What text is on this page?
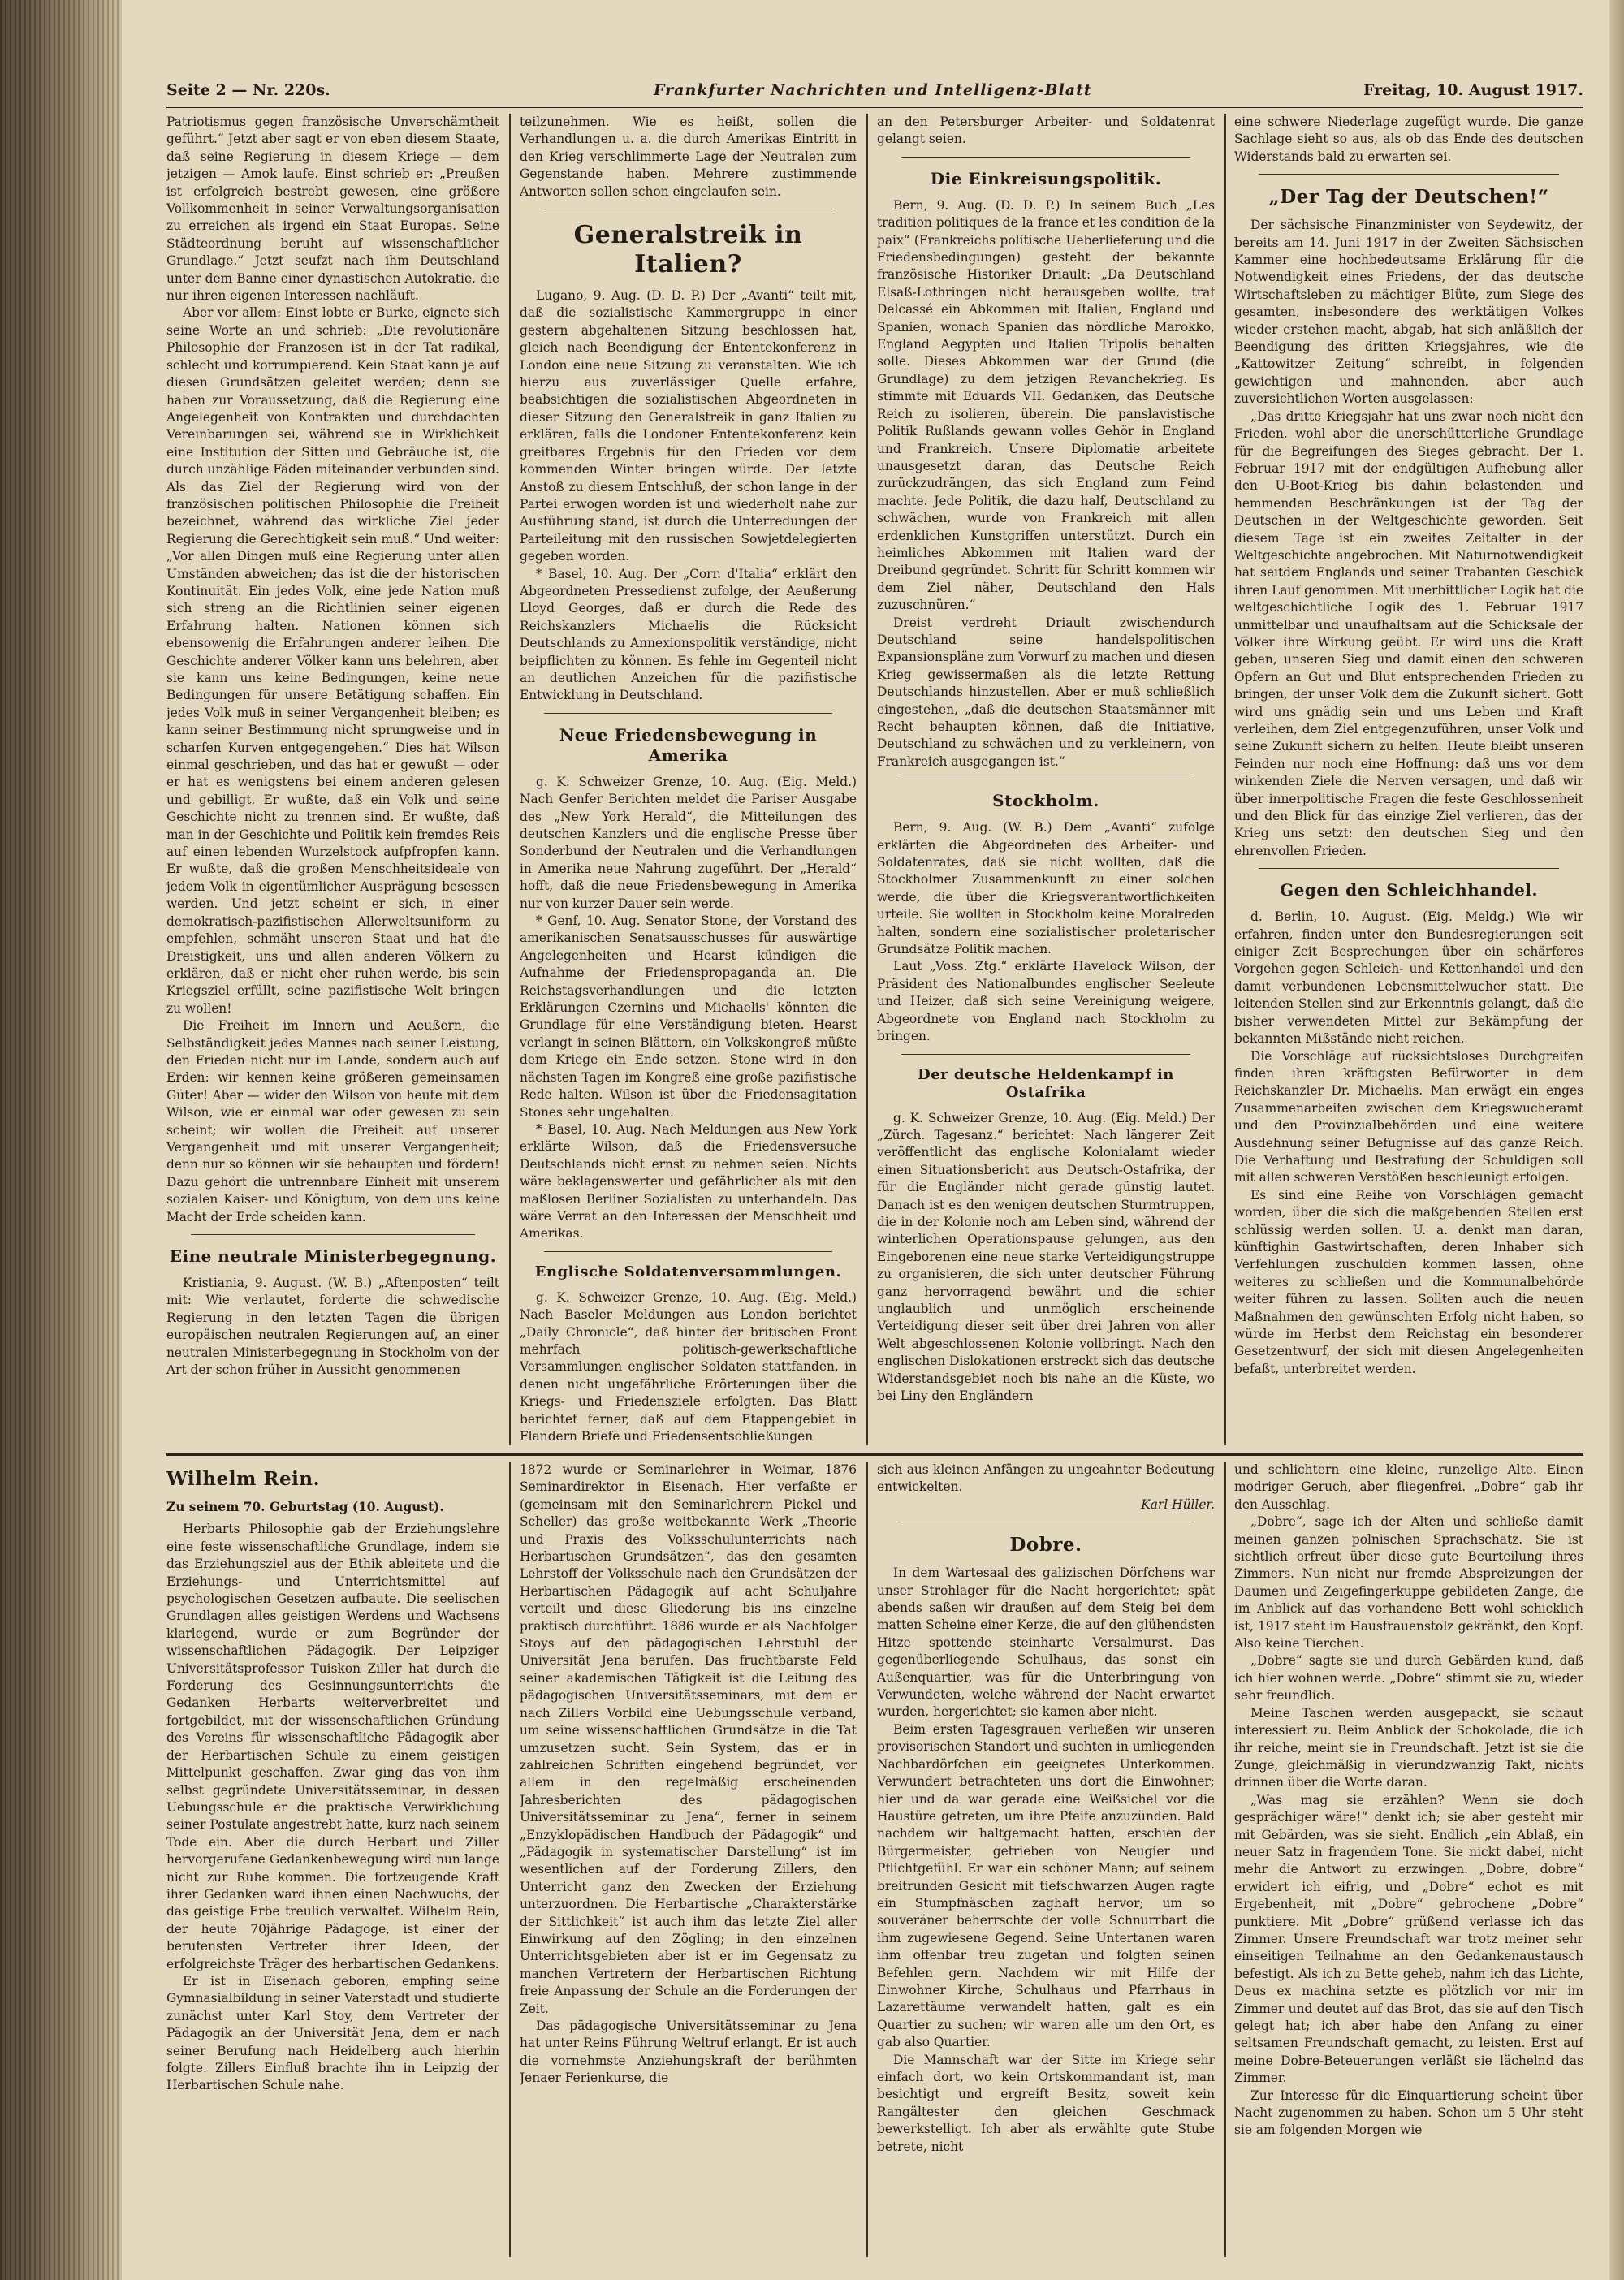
Seite 2 — Nr. 220s.	Frankfurter Nachrichten und Intelligenz-Blatt	Freitag, 10. August 1917.

Patriotismus gegen französische Unverschämtheit geführt.“ Jetzt aber sagt er von eben diesem Staate, daß seine Regierung in diesem Kriege — dem jetzigen — Amok laufe. Einst schrieb er: „Preußen ist erfolgreich bestrebt gewesen, eine größere Vollkommenheit in seiner Verwaltungsorganisation zu erreichen als irgend ein Staat Europas. Seine Städteordnung beruht auf wissenschaftlicher Grundlage.“ Jetzt seufzt nach ihm Deutschland unter dem Banne einer dynastischen Autokratie, die nur ihren eigenen Interessen nachläuft.

Aber vor allem: Einst lobte er Burke, eignete sich seine Worte an und schrieb: „Die revolutionäre Philosophie der Franzosen ist in der Tat radikal, schlecht und korrumpierend. Kein Staat kann je auf diesen Grundsätzen geleitet werden; denn sie haben zur Voraussetzung, daß die Regierung eine Angelegenheit von Kontrakten und durchdachten Vereinbarungen sei, während sie in Wirklichkeit eine Institution der Sitten und Gebräuche ist, die durch unzählige Fäden miteinander verbunden sind. Als das Ziel der Regierung wird von der französischen politischen Philosophie die Freiheit bezeichnet, während das wirkliche Ziel jeder Regierung die Gerechtigkeit sein muß.“ Und weiter: „Vor allen Dingen muß eine Regierung unter allen Umständen abweichen; das ist die der historischen Kontinuität. Ein jedes Volk, eine jede Nation muß sich streng an die Richtlinien seiner eigenen Erfahrung halten. Nationen können sich ebensowenig die Erfahrungen anderer leihen. Die Geschichte anderer Völker kann uns belehren, aber sie kann uns keine Bedingungen, keine neue Bedingungen für unsere Betätigung schaffen. Ein jedes Volk muß in seiner Vergangenheit bleiben; es kann seiner Bestimmung nicht sprungweise und in scharfen Kurven entgegengehen.“ Dies hat Wilson einmal geschrieben, und das hat er gewußt — oder er hat es wenigstens bei einem anderen gelesen und gebilligt. Er wußte, daß ein Volk und seine Geschichte nicht zu trennen sind. Er wußte, daß man in der Geschichte und Politik kein fremdes Reis auf einen lebenden Wurzelstock aufpfropfen kann. Er wußte, daß die großen Menschheitsideale von jedem Volk in eigentümlicher Ausprägung besessen werden. Und jetzt scheint er sich, in einer demokratisch-pazifistischen Allerweltsuniform zu empfehlen, schmäht unseren Staat und hat die Dreistigkeit, uns und allen anderen Völkern zu erklären, daß er nicht eher ruhen werde, bis sein Kriegsziel erfüllt, seine pazifistische Welt bringen zu wollen!

Die Freiheit im Innern und Aeußern, die Selbständigkeit jedes Mannes nach seiner Leistung, den Frieden nicht nur im Lande, sondern auch auf Erden: wir kennen keine größeren gemeinsamen Güter! Aber — wider den Wilson von heute mit dem Wilson, wie er einmal war oder gewesen zu sein scheint; wir wollen die Freiheit auf unserer Vergangenheit und mit unserer Vergangenheit; denn nur so können wir sie behaupten und fördern! Dazu gehört die untrennbare Einheit mit unserem sozialen Kaiser- und Königtum, von dem uns keine Macht der Erde scheiden kann.

Eine neutrale Ministerbegegnung.

Kristiania, 9. August. (W. B.) „Aftenposten“ teilt mit: Wie verlautet, forderte die schwedische Regierung in den letzten Tagen die übrigen europäischen neutralen Regierungen auf, an einer neutralen Ministerbegegnung in Stockholm von der Art der schon früher in Aussicht genommenen

teilzunehmen. Wie es heißt, sollen die Verhandlungen u. a. die durch Amerikas Eintritt in den Krieg verschlimmerte Lage der Neutralen zum Gegenstande haben. Mehrere zustimmende Antworten sollen schon eingelaufen sein.

Generalstreik in Italien?

Lugano, 9. Aug. (D. D. P.) Der „Avanti“ teilt mit, daß die sozialistische Kammergruppe in einer gestern abgehaltenen Sitzung beschlossen hat, gleich nach Beendigung der Ententekonferenz in London eine neue Sitzung zu veranstalten. Wie ich hierzu aus zuverlässiger Quelle erfahre, beabsichtigen die sozialistischen Abgeordneten in dieser Sitzung den Generalstreik in ganz Italien zu erklären, falls die Londoner Ententekonferenz kein greifbares Ergebnis für den Frieden vor dem kommenden Winter bringen würde. Der letzte Anstoß zu diesem Entschluß, der schon lange in der Partei erwogen worden ist und wiederholt nahe zur Ausführung stand, ist durch die Unterredungen der Parteileitung mit den russischen Sowjetdelegierten gegeben worden.

* Basel, 10. Aug. Der „Corr. d'Italia“ erklärt den Abgeordneten Pressedienst zufolge, der Aeußerung Lloyd Georges, daß er durch die Rede des Reichskanzlers Michaelis die Rücksicht Deutschlands zu Annexionspolitik verständige, nicht beipflichten zu können. Es fehle im Gegenteil nicht an deutlichen Anzeichen für die pazifistische Entwicklung in Deutschland.

Neue Friedensbewegung in Amerika

g. K. Schweizer Grenze, 10. Aug. (Eig. Meld.) Nach Genfer Berichten meldet die Pariser Ausgabe des „New York Herald“, die Mitteilungen des deutschen Kanzlers und die englische Presse über Sonderbund der Neutralen und die Verhandlungen in Amerika neue Nahrung zugeführt. Der „Herald“ hofft, daß die neue Friedensbewegung in Amerika nur von kurzer Dauer sein werde.

* Genf, 10. Aug. Senator Stone, der Vorstand des amerikanischen Senatsausschusses für auswärtige Angelegenheiten und Hearst kündigen die Aufnahme der Friedenspropaganda an. Die Reichstagsverhandlungen und die letzten Erklärungen Czernins und Michaelis' könnten die Grundlage für eine Verständigung bieten. Hearst verlangt in seinen Blättern, ein Volkskongreß müßte dem Kriege ein Ende setzen. Stone wird in den nächsten Tagen im Kongreß eine große pazifistische Rede halten. Wilson ist über die Friedensagitation Stones sehr ungehalten.

* Basel, 10. Aug. Nach Meldungen aus New York erklärte Wilson, daß die Friedensversuche Deutschlands nicht ernst zu nehmen seien. Nichts wäre beklagenswerter und gefährlicher als mit den maßlosen Berliner Sozialisten zu unterhandeln. Das wäre Verrat an den Interessen der Menschheit und Amerikas.

Englische Soldatenversammlungen.

g. K. Schweizer Grenze, 10. Aug. (Eig. Meld.) Nach Baseler Meldungen aus London berichtet „Daily Chronicle“, daß hinter der britischen Front mehrfach politisch-gewerkschaftliche Versammlungen englischer Soldaten stattfanden, in denen nicht ungefährliche Erörterungen über die Kriegs- und Friedensziele erfolgten. Das Blatt berichtet ferner, daß auf dem Etappengebiet in Flandern Briefe und Friedensentschließungen

an den Petersburger Arbeiter- und Soldatenrat gelangt seien.

Die Einkreisungspolitik.

Bern, 9. Aug. (D. D. P.) In seinem Buch „Les tradition politiques de la france et les condition de la paix“ (Frankreichs politische Ueberlieferung und die Friedensbedingungen) gesteht der bekannte französische Historiker Driault: „Da Deutschland Elsaß-Lothringen nicht herausgeben wollte, traf Delcassé ein Abkommen mit Italien, England und Spanien, wonach Spanien das nördliche Marokko, England Aegypten und Italien Tripolis behalten solle. Dieses Abkommen war der Grund (die Grundlage) zu dem jetzigen Revanchekrieg. Es stimmte mit Eduards VII. Gedanken, das Deutsche Reich zu isolieren, überein. Die panslavistische Politik Rußlands gewann volles Gehör in England und Frankreich. Unsere Diplomatie arbeitete unausgesetzt daran, das Deutsche Reich zurückzudrängen, das sich England zum Feind machte. Jede Politik, die dazu half, Deutschland zu schwächen, wurde von Frankreich mit allen erdenklichen Kunstgriffen unterstützt. Durch ein heimliches Abkommen mit Italien ward der Dreibund gegründet. Schritt für Schritt kommen wir dem Ziel näher, Deutschland den Hals zuzuschnüren.“

Dreist verdreht Driault zwischendurch Deutschland seine handelspolitischen Expansionspläne zum Vorwurf zu machen und diesen Krieg gewissermaßen als die letzte Rettung Deutschlands hinzustellen. Aber er muß schließlich eingestehen, „daß die deutschen Staatsmänner mit Recht behaupten können, daß die Initiative, Deutschland zu schwächen und zu verkleinern, von Frankreich ausgegangen ist.“

Stockholm.

Bern, 9. Aug. (W. B.) Dem „Avanti“ zufolge erklärten die Abgeordneten des Arbeiter- und Soldatenrates, daß sie nicht wollten, daß die Stockholmer Zusammenkunft zu einer solchen werde, die über die Kriegsverantwortlichkeiten urteile. Sie wollten in Stockholm keine Moralreden halten, sondern eine sozialistischer proletarischer Grundsätze Politik machen.

Laut „Voss. Ztg.“ erklärte Havelock Wilson, der Präsident des Nationalbundes englischer Seeleute und Heizer, daß sich seine Vereinigung weigere, Abgeordnete von England nach Stockholm zu bringen.

Der deutsche Heldenkampf in Ostafrika

g. K. Schweizer Grenze, 10. Aug. (Eig. Meld.) Der „Zürch. Tagesanz.“ berichtet: Nach längerer Zeit veröffentlicht das englische Kolonialamt wieder einen Situationsbericht aus Deutsch-Ostafrika, der für die Engländer nicht gerade günstig lautet. Danach ist es den wenigen deutschen Sturmtruppen, die in der Kolonie noch am Leben sind, während der winterlichen Operationspause gelungen, aus den Eingeborenen eine neue starke Verteidigungstruppe zu organisieren, die sich unter deutscher Führung ganz hervorragend bewährt und die schier unglaublich und unmöglich erscheinende Verteidigung dieser seit über drei Jahren von aller Welt abgeschlossenen Kolonie vollbringt. Nach den englischen Dislokationen erstreckt sich das deutsche Widerstandsgebiet noch bis nahe an die Küste, wo bei Liny den Engländern

eine schwere Niederlage zugefügt wurde. Die ganze Sachlage sieht so aus, als ob das Ende des deutschen Widerstands bald zu erwarten sei.

„Der Tag der Deutschen!“

Der sächsische Finanzminister von Seydewitz, der bereits am 14. Juni 1917 in der Zweiten Sächsischen Kammer eine hochbedeutsame Erklärung für die Notwendigkeit eines Friedens, der das deutsche Wirtschaftsleben zu mächtiger Blüte, zum Siege des gesamten, insbesondere des werktätigen Volkes wieder erstehen macht, abgab, hat sich anläßlich der Beendigung des dritten Kriegsjahres, wie die „Kattowitzer Zeitung“ schreibt, in folgenden gewichtigen und mahnenden, aber auch zuversichtlichen Worten ausgelassen:

„Das dritte Kriegsjahr hat uns zwar noch nicht den Frieden, wohl aber die unerschütterliche Grundlage für die Begreifungen des Sieges gebracht. Der 1. Februar 1917 mit der endgültigen Aufhebung aller den U-Boot-Krieg bis dahin belastenden und hemmenden Beschränkungen ist der Tag der Deutschen in der Weltgeschichte geworden. Seit diesem Tage ist ein zweites Zeitalter in der Weltgeschichte angebrochen. Mit Naturnotwendigkeit hat seitdem Englands und seiner Trabanten Geschick ihren Lauf genommen. Mit unerbittlicher Logik hat die weltgeschichtliche Logik des 1. Februar 1917 unmittelbar und unaufhaltsam auf die Schicksale der Völker ihre Wirkung geübt. Er wird uns die Kraft geben, unseren Sieg und damit einen den schweren Opfern an Gut und Blut entsprechenden Frieden zu bringen, der unser Volk dem die Zukunft sichert. Gott wird uns gnädig sein und uns Leben und Kraft verleihen, dem Ziel entgegenzuführen, unser Volk und seine Zukunft sichern zu helfen. Heute bleibt unseren Feinden nur noch eine Hoffnung: daß uns vor dem winkenden Ziele die Nerven versagen, und daß wir über innerpolitische Fragen die feste Geschlossenheit und den Blick für das einzige Ziel verlieren, das der Krieg uns setzt: den deutschen Sieg und den ehrenvollen Frieden.

Gegen den Schleichhandel.

d. Berlin, 10. August. (Eig. Meldg.) Wie wir erfahren, finden unter den Bundesregierungen seit einiger Zeit Besprechungen über ein schärferes Vorgehen gegen Schleich- und Kettenhandel und den damit verbundenen Lebensmittelwucher statt. Die leitenden Stellen sind zur Erkenntnis gelangt, daß die bisher verwendeten Mittel zur Bekämpfung der bekannten Mißstände nicht reichen.

Die Vorschläge auf rücksichtsloses Durchgreifen finden ihren kräftigsten Befürworter in dem Reichskanzler Dr. Michaelis. Man erwägt ein enges Zusammenarbeiten zwischen dem Kriegswucheramt und den Provinzialbehörden und eine weitere Ausdehnung seiner Befugnisse auf das ganze Reich. Die Verhaftung und Bestrafung der Schuldigen soll mit allen schweren Verstößen beschleunigt erfolgen.

Es sind eine Reihe von Vorschlägen gemacht worden, über die sich die maßgebenden Stellen erst schlüssig werden sollen. U. a. denkt man daran, künftighin Gastwirtschaften, deren Inhaber sich Verfehlungen zuschulden kommen lassen, ohne weiteres zu schließen und die Kommunalbehörde weiter führen zu lassen. Sollten auch die neuen Maßnahmen den gewünschten Erfolg nicht haben, so würde im Herbst dem Reichstag ein besonderer Gesetzentwurf, der sich mit diesen Angelegenheiten befaßt, unterbreitet werden.

Wilhelm Rein.

Zu seinem 70. Geburtstag (10. August).

Herbarts Philosophie gab der Erziehungslehre eine feste wissenschaftliche Grundlage, indem sie das Erziehungsziel aus der Ethik ableitete und die Erziehungs- und Unterrichtsmittel auf psychologischen Gesetzen aufbaute. Die seelischen Grundlagen alles geistigen Werdens und Wachsens klarlegend, wurde er zum Begründer der wissenschaftlichen Pädagogik. Der Leipziger Universitätsprofessor Tuiskon Ziller hat durch die Forderung des Gesinnungsunterrichts die Gedanken Herbarts weiterverbreitet und fortgebildet, mit der wissenschaftlichen Gründung des Vereins für wissenschaftliche Pädagogik aber der Herbartischen Schule zu einem geistigen Mittelpunkt geschaffen. Zwar ging das von ihm selbst gegründete Universitätsseminar, in dessen Uebungsschule er die praktische Verwirklichung seiner Postulate angestrebt hatte, kurz nach seinem Tode ein. Aber die durch Herbart und Ziller hervorgerufene Gedankenbewegung wird nun lange nicht zur Ruhe kommen. Die fortzeugende Kraft ihrer Gedanken ward ihnen einen Nachwuchs, der das geistige Erbe treulich verwaltet. Wilhelm Rein, der heute 70jährige Pädagoge, ist einer der berufensten Vertreter ihrer Ideen, der erfolgreichste Träger des herbartischen Gedankens.

Er ist in Eisenach geboren, empfing seine Gymnasialbildung in seiner Vaterstadt und studierte zunächst unter Karl Stoy, dem Vertreter der Pädagogik an der Universität Jena, dem er nach seiner Berufung nach Heidelberg auch hierhin folgte. Zillers Einfluß brachte ihn in Leipzig der Herbartischen Schule nahe.

1872 wurde er Seminarlehrer in Weimar, 1876 Seminardirektor in Eisenach. Hier verfaßte er (gemeinsam mit den Seminarlehrern Pickel und Scheller) das große weitbekannte Werk „Theorie und Praxis des Volksschulunterrichts nach Herbartischen Grundsätzen“, das den gesamten Lehrstoff der Volksschule nach den Grundsätzen der Herbartischen Pädagogik auf acht Schuljahre verteilt und diese Gliederung bis ins einzelne praktisch durchführt. 1886 wurde er als Nachfolger Stoys auf den pädagogischen Lehrstuhl der Universität Jena berufen. Das fruchtbarste Feld seiner akademischen Tätigkeit ist die Leitung des pädagogischen Universitätsseminars, mit dem er nach Zillers Vorbild eine Uebungsschule verband, um seine wissenschaftlichen Grundsätze in die Tat umzusetzen sucht. Sein System, das er in zahlreichen Schriften eingehend begründet, vor allem in den regelmäßig erscheinenden Jahresberichten des pädagogischen Universitätsseminar zu Jena“, ferner in seinem „Enzyklopädischen Handbuch der Pädagogik“ und „Pädagogik in systematischer Darstellung“ ist im wesentlichen auf der Forderung Zillers, den Unterricht ganz den Zwecken der Erziehung unterzuordnen. Die Herbartische „Charakterstärke der Sittlichkeit“ ist auch ihm das letzte Ziel aller Einwirkung auf den Zögling; in den einzelnen Unterrichtsgebieten aber ist er im Gegensatz zu manchen Vertretern der Herbartischen Richtung freie Anpassung der Schule an die Forderungen der Zeit.

Das pädagogische Universitätsseminar zu Jena hat unter Reins Führung Weltruf erlangt. Er ist auch die vornehmste Anziehungskraft der berühmten Jenaer Ferienkurse, die

sich aus kleinen Anfängen zu ungeahnter Bedeutung entwickelten.

Karl Hüller.

Dobre.

In dem Wartesaal des galizischen Dörfchens war unser Strohlager für die Nacht hergerichtet; spät abends saßen wir draußen auf dem Steig bei dem matten Scheine einer Kerze, die auf den glühendsten Hitze spottende steinharte Versalmurst. Das gegenüberliegende Schulhaus, das sonst ein Außenquartier, was für die Unterbringung von Verwundeten, welche während der Nacht erwartet wurden, hergerichtet; sie kamen aber nicht.

Beim ersten Tagesgrauen verließen wir unseren provisorischen Standort und suchten in umliegenden Nachbardörfchen ein geeignetes Unterkommen. Verwundert betrachteten uns dort die Einwohner; hier und da war gerade eine Weißsichel vor die Haustüre getreten, um ihre Pfeife anzuzünden. Bald nachdem wir haltgemacht hatten, erschien der Bürgermeister, getrieben von Neugier und Pflichtgefühl. Er war ein schöner Mann; auf seinem breitrunden Gesicht mit tiefschwarzen Augen ragte ein Stumpfnäschen zaghaft hervor; um so souveräner beherrschte der volle Schnurrbart die ihm zugewiesene Gegend. Seine Untertanen waren ihm offenbar treu zugetan und folgten seinen Befehlen gern. Nachdem wir mit Hilfe der Einwohner Kirche, Schulhaus und Pfarrhaus in Lazarettäume verwandelt hatten, galt es ein Quartier zu suchen; wir waren alle um den Ort, es gab also Quartier.

Die Mannschaft war der Sitte im Kriege sehr einfach dort, wo kein Ortskommandant ist, man besichtigt und ergreift Besitz, soweit kein Rangältester den gleichen Geschmack bewerkstelligt. Ich aber als erwählte gute Stube betrete, nicht

und schlichtern eine kleine, runzelige Alte. Einen modriger Geruch, aber fliegenfrei. „Dobre“ gab ihr den Ausschlag.

„Dobre“, sage ich der Alten und schließe damit meinen ganzen polnischen Sprachschatz. Sie ist sichtlich erfreut über diese gute Beurteilung ihres Zimmers. Nun nicht nur fremde Abspreizungen der Daumen und Zeigefingerkuppe gebildeten Zange, die im Anblick auf das vorhandene Bett wohl schicklich ist, 1917 steht im Hausfrauenstolz gekränkt, den Kopf. Also keine Tierchen.

„Dobre“ sagte sie und durch Gebärden kund, daß ich hier wohnen werde. „Dobre“ stimmt sie zu, wieder sehr freundlich.

Meine Taschen werden ausgepackt, sie schaut interessiert zu. Beim Anblick der Schokolade, die ich ihr reiche, meint sie in Freundschaft. Jetzt ist sie die Zunge, gleichmäßig in vierundzwanzig Takt, nichts drinnen über die Worte daran.

„Was mag sie erzählen? Wenn sie doch gesprächiger wäre!“ denkt ich; sie aber gesteht mir mit Gebärden, was sie sieht. Endlich „ein Ablaß, ein neuer Satz in fragendem Tone. Sie nickt dabei, nicht mehr die Antwort zu erzwingen. „Dobre, dobre“ erwidert ich eifrig, und „Dobre“ echot es mit Ergebenheit, mit „Dobre“ gebrochene „Dobre“ punktiere. Mit „Dobre“ grüßend verlasse ich das Zimmer. Unsere Freundschaft war trotz meiner sehr einseitigen Teilnahme an den Gedankenaustausch befestigt. Als ich zu Bette geheb, nahm ich das Lichte, Deus ex machina setzte es plötzlich vor mir im Zimmer und deutet auf das Brot, das sie auf den Tisch gelegt hat; ich aber habe den Anfang zu einer seltsamen Freundschaft gemacht, zu leisten. Erst auf meine Dobre-Beteuerungen verläßt sie lächelnd das Zimmer.

Zur Interesse für die Einquartierung scheint über Nacht zugenommen zu haben. Schon um 5 Uhr steht sie am folgenden Morgen wie
